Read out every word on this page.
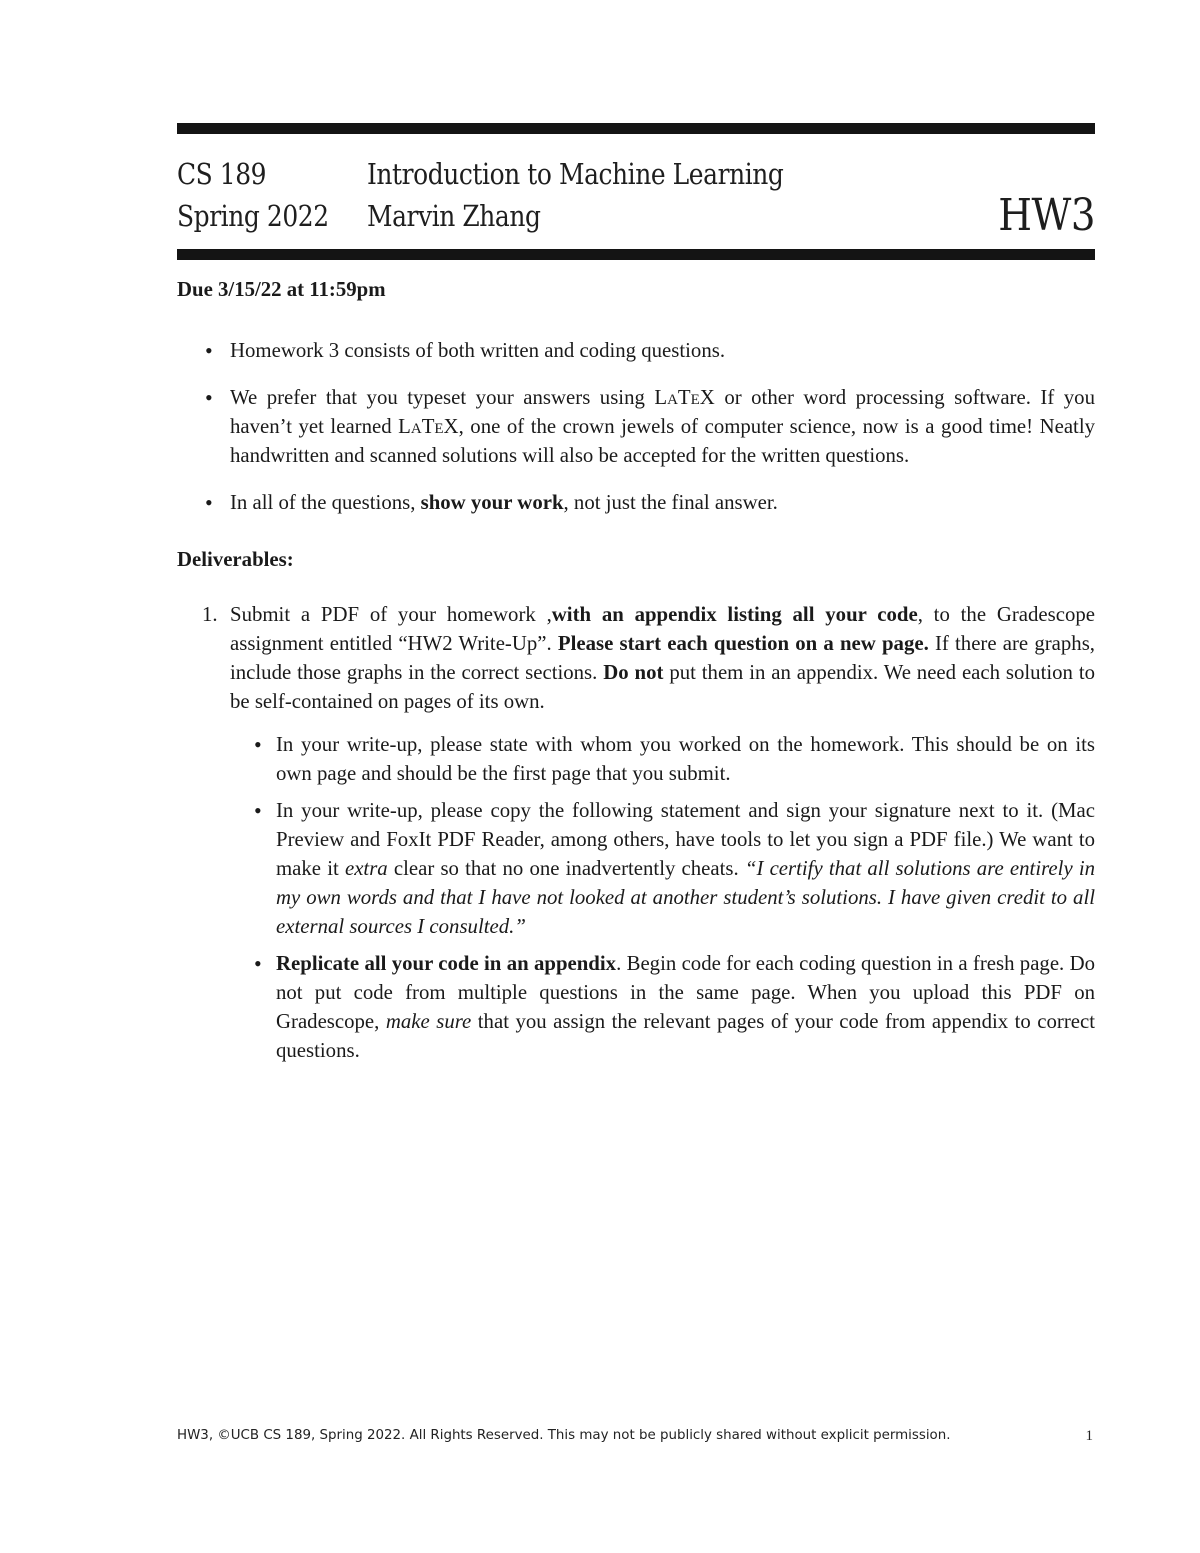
CS 189
Spring 2022
Introduction to Machine Learning
Marvin Zhang	HW3

Due 3/15/22 at 11:59pm

• Homework 3 consists of both written and coding questions.
• We prefer that you typeset your answers using LaTeX or other word processing software. If you haven’t yet learned LaTeX, one of the crown jewels of computer science, now is a good time! Neatly handwritten and scanned solutions will also be accepted for the written questions.
• In all of the questions, show your work, not just the final answer.

Deliverables:

1. Submit a PDF of your homework ,with an appendix listing all your code, to the Gradescope assignment entitled “HW2 Write-Up”. Please start each question on a new page. If there are graphs, include those graphs in the correct sections. Do not put them in an appendix. We need each solution to be self-contained on pages of its own.
• In your write-up, please state with whom you worked on the homework. This should be on its own page and should be the first page that you submit.
• In your write-up, please copy the following statement and sign your signature next to it. (Mac Preview and FoxIt PDF Reader, among others, have tools to let you sign a PDF file.) We want to make it extra clear so that no one inadvertently cheats. “I certify that all solutions are entirely in my own words and that I have not looked at another student’s solutions. I have given credit to all external sources I consulted.”
• Replicate all your code in an appendix. Begin code for each coding question in a fresh page. Do not put code from multiple questions in the same page. When you upload this PDF on Gradescope, make sure that you assign the relevant pages of your code from appendix to correct questions.
HW3, ©UCB CS 189, Spring 2022. All Rights Reserved. This may not be publicly shared without explicit permission.	1
